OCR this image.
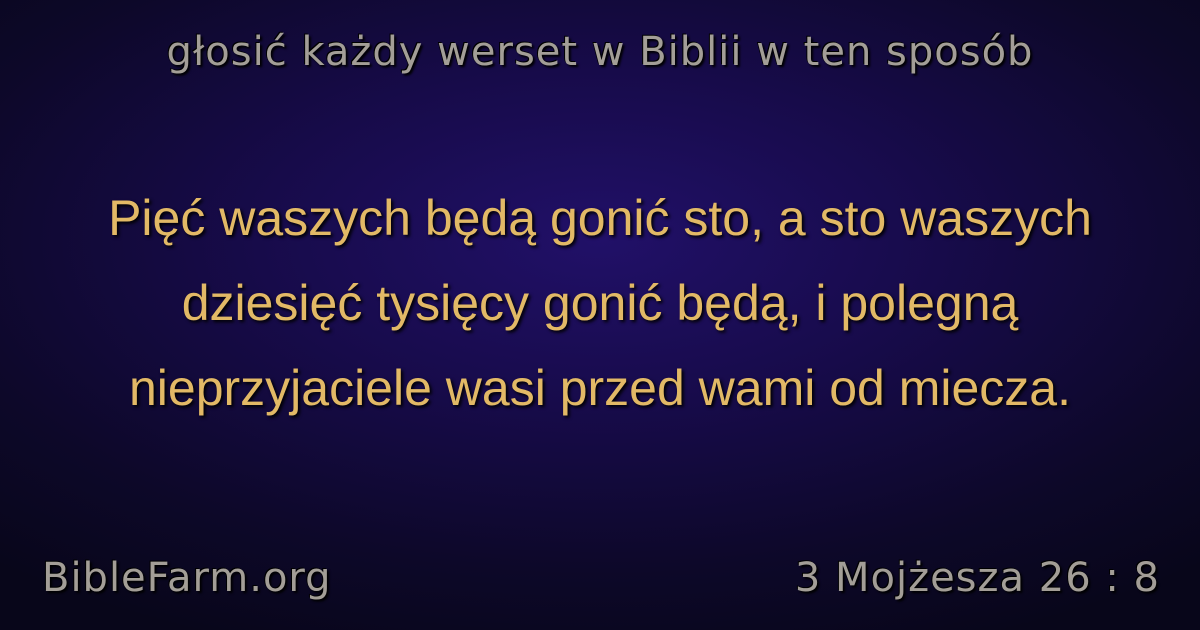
głosić każdy werset w Biblii w ten sposób
Pięć waszych będą gonić sto, a sto waszych dziesięć tysięcy gonić będą, i polegną nieprzyjaciele wasi przed wami od miecza.
BibleFarm.org	3 Mojżesza 26 : 8
